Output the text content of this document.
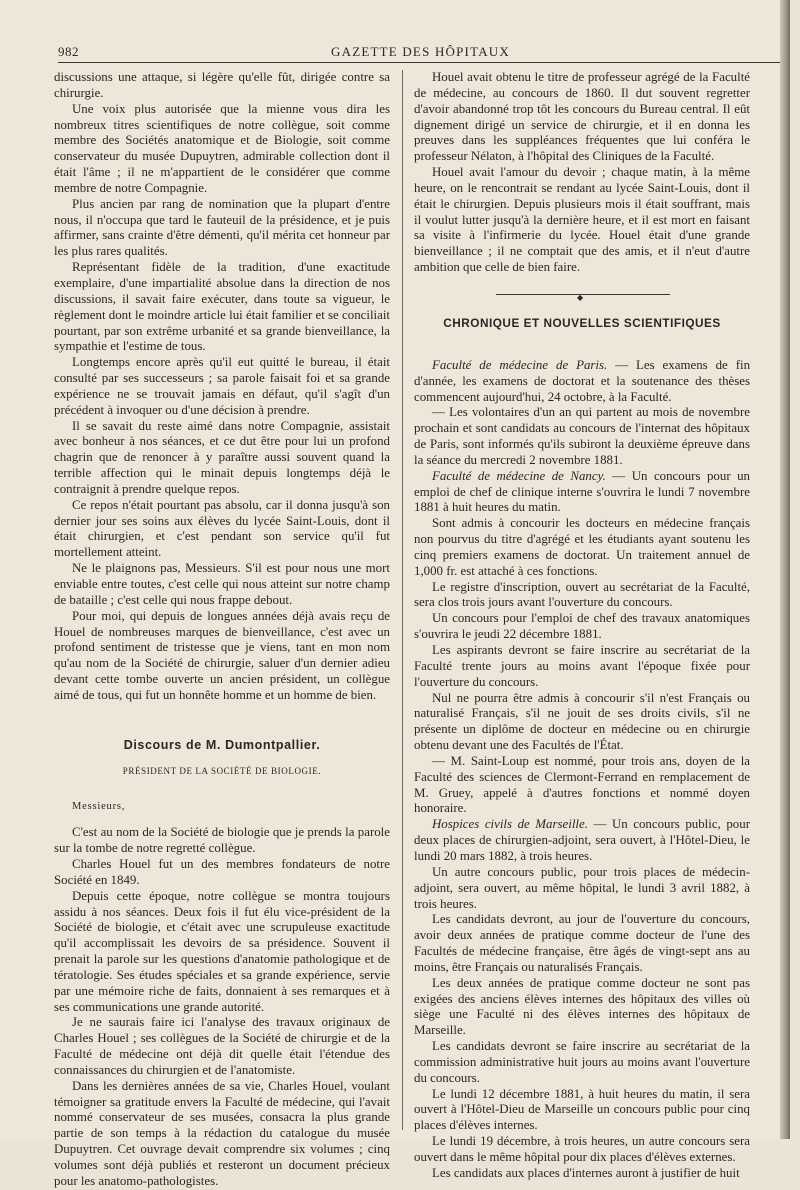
982	GAZETTE DES HÔPITAUX

discussions une attaque, si légère qu'elle fût, dirigée contre sa chirurgie.

Une voix plus autorisée que la mienne vous dira les nombreux titres scientifiques de notre collègue, soit comme membre des Sociétés anatomique et de Biologie, soit comme conservateur du musée Dupuytren, admirable collection dont il était l'âme ; il ne m'appartient de le considérer que comme membre de notre Compagnie.

Plus ancien par rang de nomination que la plupart d'entre nous, il n'occupa que tard le fauteuil de la présidence, et je puis affirmer, sans crainte d'être démenti, qu'il mérita cet honneur par les plus rares qualités.

Représentant fidèle de la tradition, d'une exactitude exemplaire, d'une impartialité absolue dans la direction de nos discussions, il savait faire exécuter, dans toute sa vigueur, le règlement dont le moindre article lui était familier et se conciliait pourtant, par son extrême urbanité et sa grande bienveillance, la sympathie et l'estime de tous.

Longtemps encore après qu'il eut quitté le bureau, il était consulté par ses successeurs ; sa parole faisait foi et sa grande expérience ne se trouvait jamais en défaut, qu'il s'agît d'un précédent à invoquer ou d'une décision à prendre.

Il se savait du reste aimé dans notre Compagnie, assistait avec bonheur à nos séances, et ce dut être pour lui un profond chagrin que de renoncer à y paraître aussi souvent quand la terrible affection qui le minait depuis longtemps déjà le contraignit à prendre quelque repos.

Ce repos n'était pourtant pas absolu, car il donna jusqu'à son dernier jour ses soins aux élèves du lycée Saint-Louis, dont il était chirurgien, et c'est pendant son service qu'il fut mortellement atteint.

Ne le plaignons pas, Messieurs. S'il est pour nous une mort enviable entre toutes, c'est celle qui nous atteint sur notre champ de bataille ; c'est celle qui nous frappe debout.

Pour moi, qui depuis de longues années déjà avais reçu de Houel de nombreuses marques de bienveillance, c'est avec un profond sentiment de tristesse que je viens, tant en mon nom qu'au nom de la Société de chirurgie, saluer d'un dernier adieu devant cette tombe ouverte un ancien président, un collègue aimé de tous, qui fut un honnête homme et un homme de bien.

Discours de M. Dumontpallier.
PRÉSIDENT DE LA SOCIÉTÉ DE BIOLOGIE.

Messieurs,

C'est au nom de la Société de biologie que je prends la parole sur la tombe de notre regretté collègue.

Charles Houel fut un des membres fondateurs de notre Société en 1849.

Depuis cette époque, notre collègue se montra toujours assidu à nos séances. Deux fois il fut élu vice-président de la Société de biologie, et c'était avec une scrupuleuse exactitude qu'il accomplissait les devoirs de sa présidence. Souvent il prenait la parole sur les questions d'anatomie pathologique et de tératologie. Ses études spéciales et sa grande expérience, servie par une mémoire riche de faits, donnaient à ses remarques et à ses communications une grande autorité.

Je ne saurais faire ici l'analyse des travaux originaux de Charles Houel ; ses collègues de la Société de chirurgie et de la Faculté de médecine ont déjà dit quelle était l'étendue des connaissances du chirurgien et de l'anatomiste.

Dans les dernières années de sa vie, Charles Houel, voulant témoigner sa gratitude envers la Faculté de médecine, qui l'avait nommé conservateur de ses musées, consacra la plus grande partie de son temps à la rédaction du catalogue du musée Dupuytren. Cet ouvrage devait comprendre six volumes ; cinq volumes sont déjà publiés et resteront un document précieux pour les anatomo-pathologistes.

Houel avait obtenu le titre de professeur agrégé de la Faculté de médecine, au concours de 1860. Il dut souvent regretter d'avoir abandonné trop tôt les concours du Bureau central. Il eût dignement dirigé un service de chirurgie, et il en donna les preuves dans les suppléances fréquentes que lui conféra le professeur Nélaton, à l'hôpital des Cliniques de la Faculté.

Houel avait l'amour du devoir ; chaque matin, à la même heure, on le rencontrait se rendant au lycée Saint-Louis, dont il était le chirurgien. Depuis plusieurs mois il était souffrant, mais il voulut lutter jusqu'à la dernière heure, et il est mort en faisant sa visite à l'infirmerie du lycée. Houel était d'une grande bienveillance ; il ne comptait que des amis, et il n'eut d'autre ambition que celle de bien faire.

◆
CHRONIQUE ET NOUVELLES SCIENTIFIQUES

Faculté de médecine de Paris. — Les examens de fin d'année, les examens de doctorat et la soutenance des thèses commencent aujourd'hui, 24 octobre, à la Faculté.

— Les volontaires d'un an qui partent au mois de novembre prochain et sont candidats au concours de l'internat des hôpitaux de Paris, sont informés qu'ils subiront la deuxième épreuve dans la séance du mercredi 2 novembre 1881.

Faculté de médecine de Nancy. — Un concours pour un emploi de chef de clinique interne s'ouvrira le lundi 7 novembre 1881 à huit heures du matin.

Sont admis à concourir les docteurs en médecine français non pourvus du titre d'agrégé et les étudiants ayant soutenu les cinq premiers examens de doctorat. Un traitement annuel de 1,000 fr. est attaché à ces fonctions.

Le registre d'inscription, ouvert au secrétariat de la Faculté, sera clos trois jours avant l'ouverture du concours.

Un concours pour l'emploi de chef des travaux anatomiques s'ouvrira le jeudi 22 décembre 1881.

Les aspirants devront se faire inscrire au secrétariat de la Faculté trente jours au moins avant l'époque fixée pour l'ouverture du concours.

Nul ne pourra être admis à concourir s'il n'est Français ou naturalisé Français, s'il ne jouit de ses droits civils, s'il ne présente un diplôme de docteur en médecine ou en chirurgie obtenu devant une des Facultés de l'État.

— M. Saint-Loup est nommé, pour trois ans, doyen de la Faculté des sciences de Clermont-Ferrand en remplacement de M. Gruey, appelé à d'autres fonctions et nommé doyen honoraire.

Hospices civils de Marseille. — Un concours public, pour deux places de chirurgien-adjoint, sera ouvert, à l'Hôtel-Dieu, le lundi 20 mars 1882, à trois heures.

Un autre concours public, pour trois places de médecin-adjoint, sera ouvert, au même hôpital, le lundi 3 avril 1882, à trois heures.

Les candidats devront, au jour de l'ouverture du concours, avoir deux années de pratique comme docteur de l'une des Facultés de médecine française, être âgés de vingt-sept ans au moins, être Français ou naturalisés Français.

Les deux années de pratique comme docteur ne sont pas exigées des anciens élèves internes des hôpitaux des villes où siège une Faculté ni des élèves internes des hôpitaux de Marseille.

Les candidats devront se faire inscrire au secrétariat de la commission administrative huit jours au moins avant l'ouverture du concours.

Le lundi 12 décembre 1881, à huit heures du matin, il sera ouvert à l'Hôtel-Dieu de Marseille un concours public pour cinq places d'élèves internes.

Le lundi 19 décembre, à trois heures, un autre concours sera ouvert dans le même hôpital pour dix places d'élèves externes.

Les candidats aux places d'internes auront à justifier de huit
